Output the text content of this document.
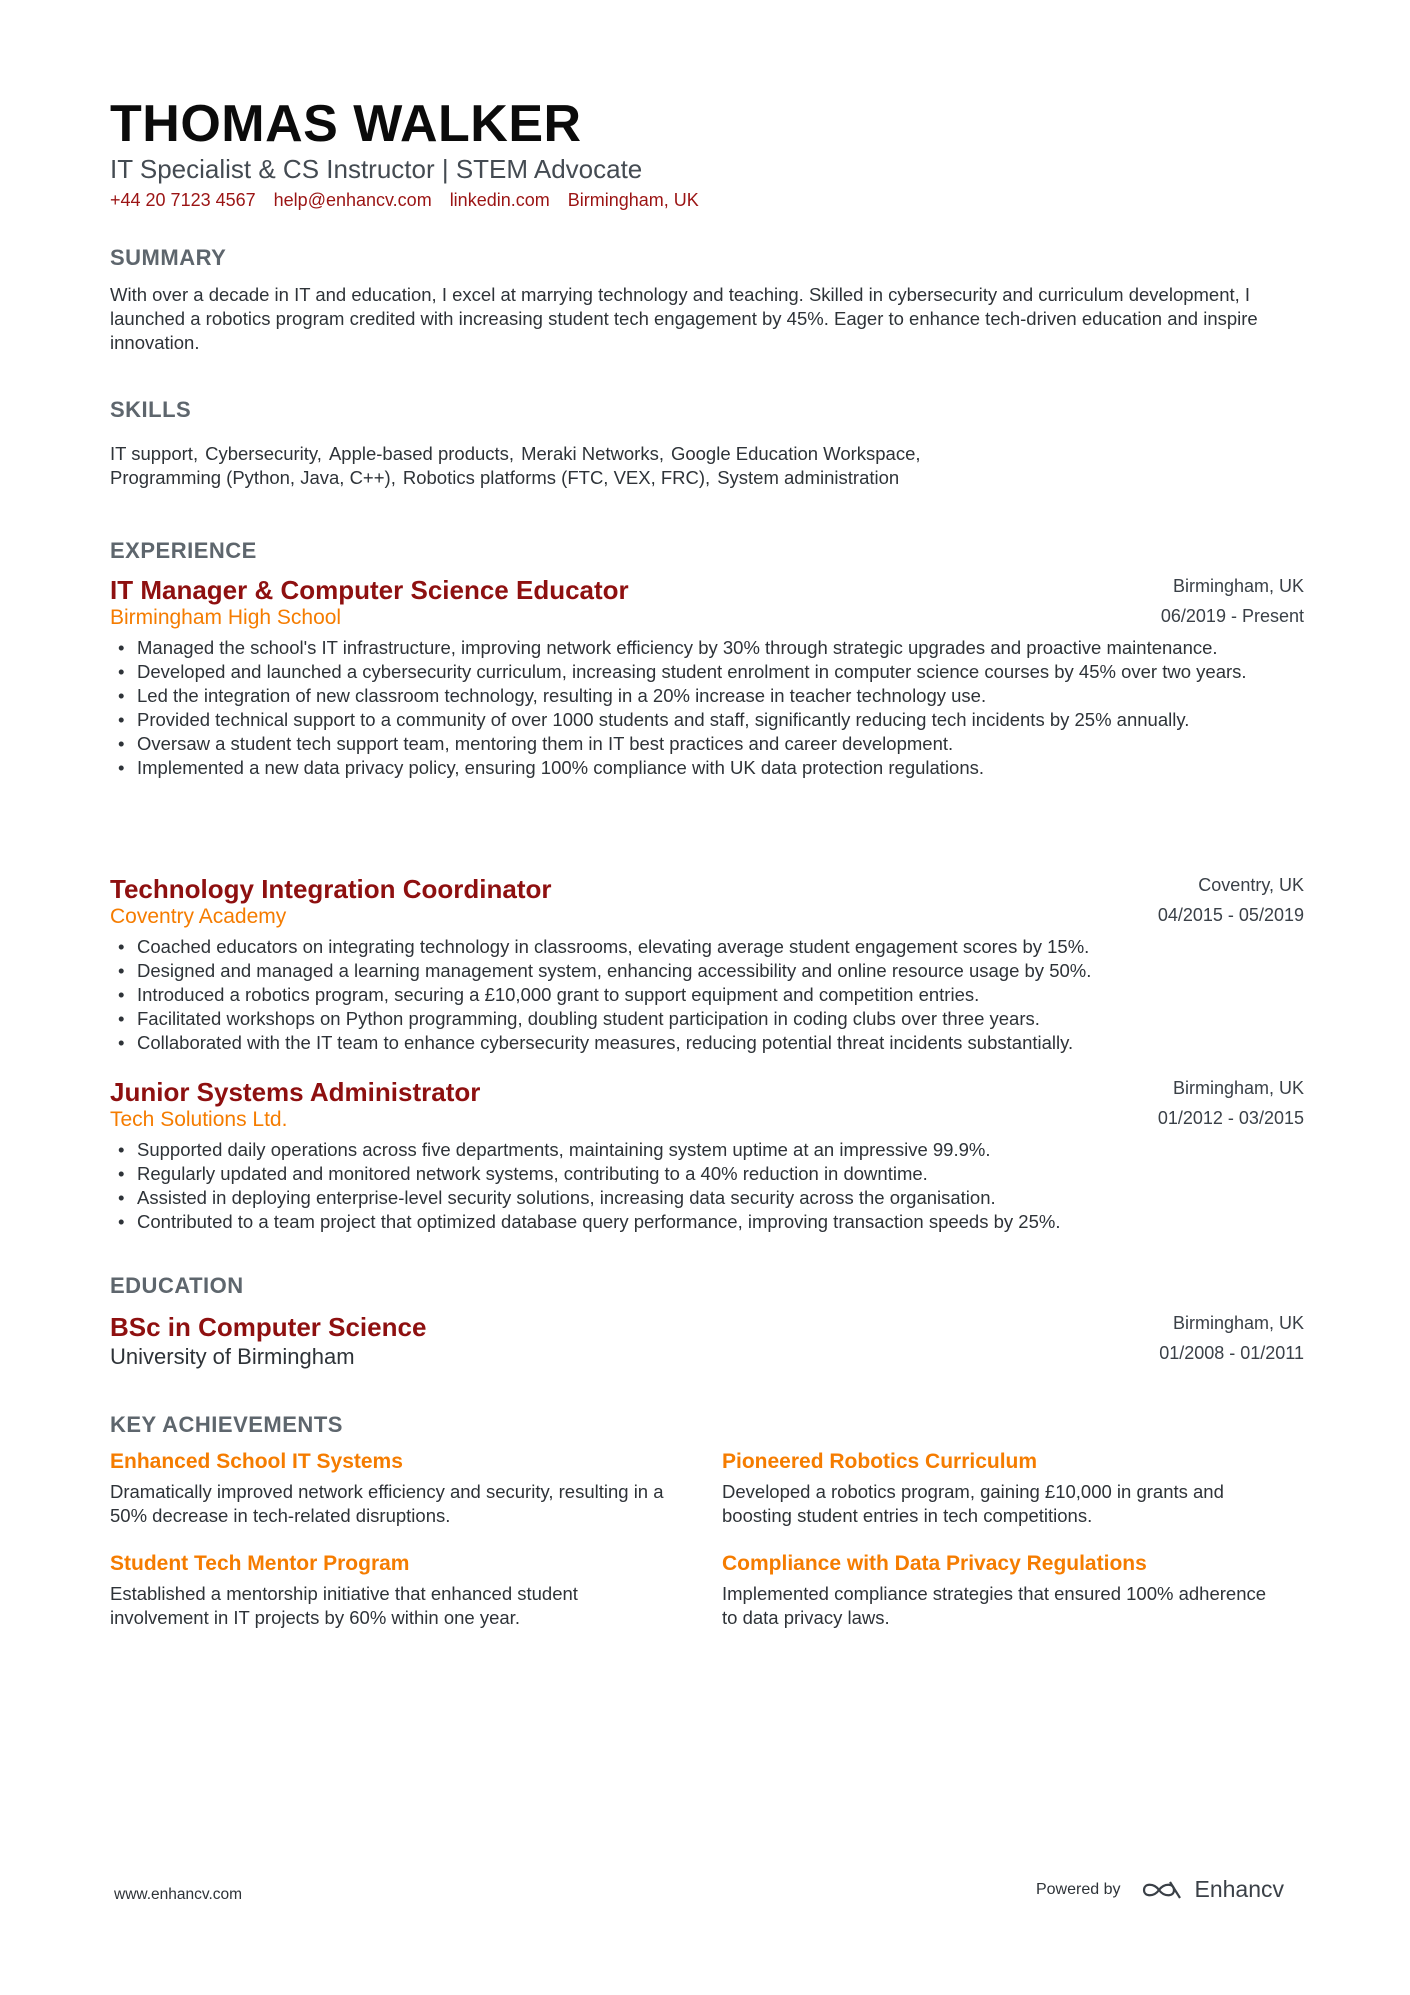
THOMAS WALKER
IT Specialist & CS Instructor | STEM Advocate
+44 20 7123 4567 help@enhancv.com linkedin.com Birmingham, UK
SUMMARY

With over a decade in IT and education, I excel at marrying technology and teaching. Skilled in cybersecurity and curriculum development, I launched a robotics program credited with increasing student tech engagement by 45%. Eager to enhance tech-driven education and inspire innovation.

SKILLS
IT support, Cybersecurity, Apple-based products, Meraki Networks, Google Education Workspace,
Programming (Python, Java, C++), Robotics platforms (FTC, VEX, FRC), System administration
EXPERIENCE
IT Manager & Computer Science Educator
Birmingham High School
Birmingham, UK
06/2019 - Present
• Managed the school's IT infrastructure, improving network efficiency by 30% through strategic upgrades and proactive maintenance.
• Developed and launched a cybersecurity curriculum, increasing student enrolment in computer science courses by 45% over two years.
• Led the integration of new classroom technology, resulting in a 20% increase in teacher technology use.
• Provided technical support to a community of over 1000 students and staff, significantly reducing tech incidents by 25% annually.
• Oversaw a student tech support team, mentoring them in IT best practices and career development.
• Implemented a new data privacy policy, ensuring 100% compliance with UK data protection regulations.
Technology Integration Coordinator
Coventry Academy
Coventry, UK
04/2015 - 05/2019
• Coached educators on integrating technology in classrooms, elevating average student engagement scores by 15%.
• Designed and managed a learning management system, enhancing accessibility and online resource usage by 50%.
• Introduced a robotics program, securing a £10,000 grant to support equipment and competition entries.
• Facilitated workshops on Python programming, doubling student participation in coding clubs over three years.
• Collaborated with the IT team to enhance cybersecurity measures, reducing potential threat incidents substantially.
Junior Systems Administrator
Tech Solutions Ltd.
Birmingham, UK
01/2012 - 03/2015
• Supported daily operations across five departments, maintaining system uptime at an impressive 99.9%.
• Regularly updated and monitored network systems, contributing to a 40% reduction in downtime.
• Assisted in deploying enterprise-level security solutions, increasing data security across the organisation.
• Contributed to a team project that optimized database query performance, improving transaction speeds by 25%.
EDUCATION
BSc in Computer Science
University of Birmingham
Birmingham, UK
01/2008 - 01/2011
KEY ACHIEVEMENTS
Enhanced School IT Systems

Dramatically improved network efficiency and security, resulting in a 50% decrease in tech-related disruptions.

Pioneered Robotics Curriculum

Developed a robotics program, gaining £10,000 in grants and boosting student entries in tech competitions.

Student Tech Mentor Program

Established a mentorship initiative that enhanced student involvement in IT projects by 60% within one year.

Compliance with Data Privacy Regulations

Implemented compliance strategies that ensured 100% adherence to data privacy laws.

www.enhancv.com	Powered by	Enhancv
